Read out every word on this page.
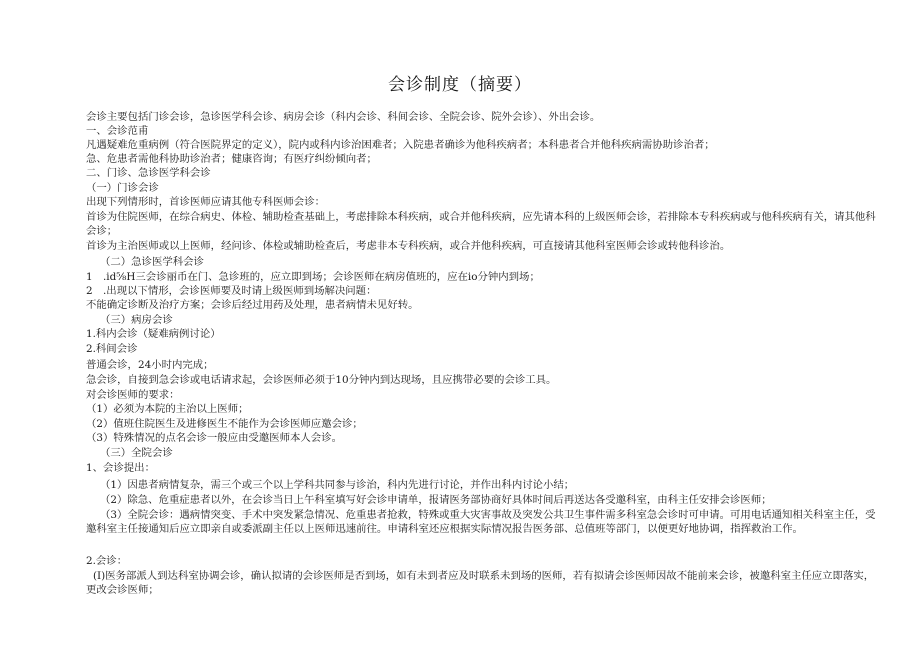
会诊制度（摘要）
会诊主要包括门诊会诊，急诊医学科会诊、病房会诊（科内会诊、科间会诊、全院会诊、院外会诊）、外出会诊。
一、会诊范甫
凡遇疑难危重病例（符合医院界定的定义），院内或科内诊治困难者；入院患者确诊为他科疾病者；本科患者合并他科疾病需协助诊治者；
急、危患者需他科协助诊治者；健康咨询；有医疗纠纷倾向者；
二、门诊、急诊医学科会诊
（一）门诊会诊
出现下列情形时，首诊医师应请其他专科医师会诊：
首诊为住院医师，在综合病史、体检、辅助检查基础上，考虑排除本科疾病，或合并他科疾病，应先请本科的上级医师会诊，若排除本专科疾病或与他科疾病有关，请其他科会诊；
首诊为主治医师或以上医师，经问诊、体检或辅助检查后，考虑非本专科疾病，或合并他科疾病，可直接请其他科室医师会诊或转他科诊治。
（二）急诊医学科会诊
1　.id⅝H三会诊丽币在门、急诊班的，应立即到场；会诊医师在病房值班的，应在io分钟内到场；
2　.出现以下情形，会诊医师要及时请上级医师到场解决问题：
不能确定诊断及治疗方案；会诊后经过用药及处理，患者病情未见好转。
（三）病房会诊
1.科内会诊（疑难病例讨论）
2.科间会诊
普通会诊，24小时内完成；
急会诊，自接到急会诊或电话请求起，会诊医师必须于10分钟内到达现场，且应携带必要的会诊工具。
对会诊医师的要求：
（1）必须为本院的主治以上医师；
（2）值班住院医生及进修医生不能作为会诊医师应邀会诊；
（3）特殊情况的点名会诊一般应由受邀医师本人会诊。
（三）全院会诊
1、会诊提出：
（1）因患者病情复杂，需三个或三个以上学科共同参与诊治，科内先进行讨论，并作出科内讨论小结；
（2）除急、危重症患者以外，在会诊当日上午科室填写好会诊申请单，报请医务部协商好具体时间后再送达各受邀科室，由科主任安排会诊医师；
（3）全院会诊：遇病情突变、手术中突发紧急情况、危重患者抢救，特殊或重大灾害事故及突发公共卫生事件需多科室急会诊时可申请。可用电话通知相关科室主任，受邀科室主任接通知后应立即亲自或委派副主任以上医师迅速前往。申请科室还应根据实际情况报告医务部、总值班等部门，以便更好地协调，指挥救治工作。
2.会诊：
(I)医务部派人到达科室协调会诊，确认拟请的会诊医师是否到场，如有未到者应及时联系未到场的医师，若有拟请会诊医师因故不能前来会诊，被邀科室主任应立即落实，更改会诊医师；
